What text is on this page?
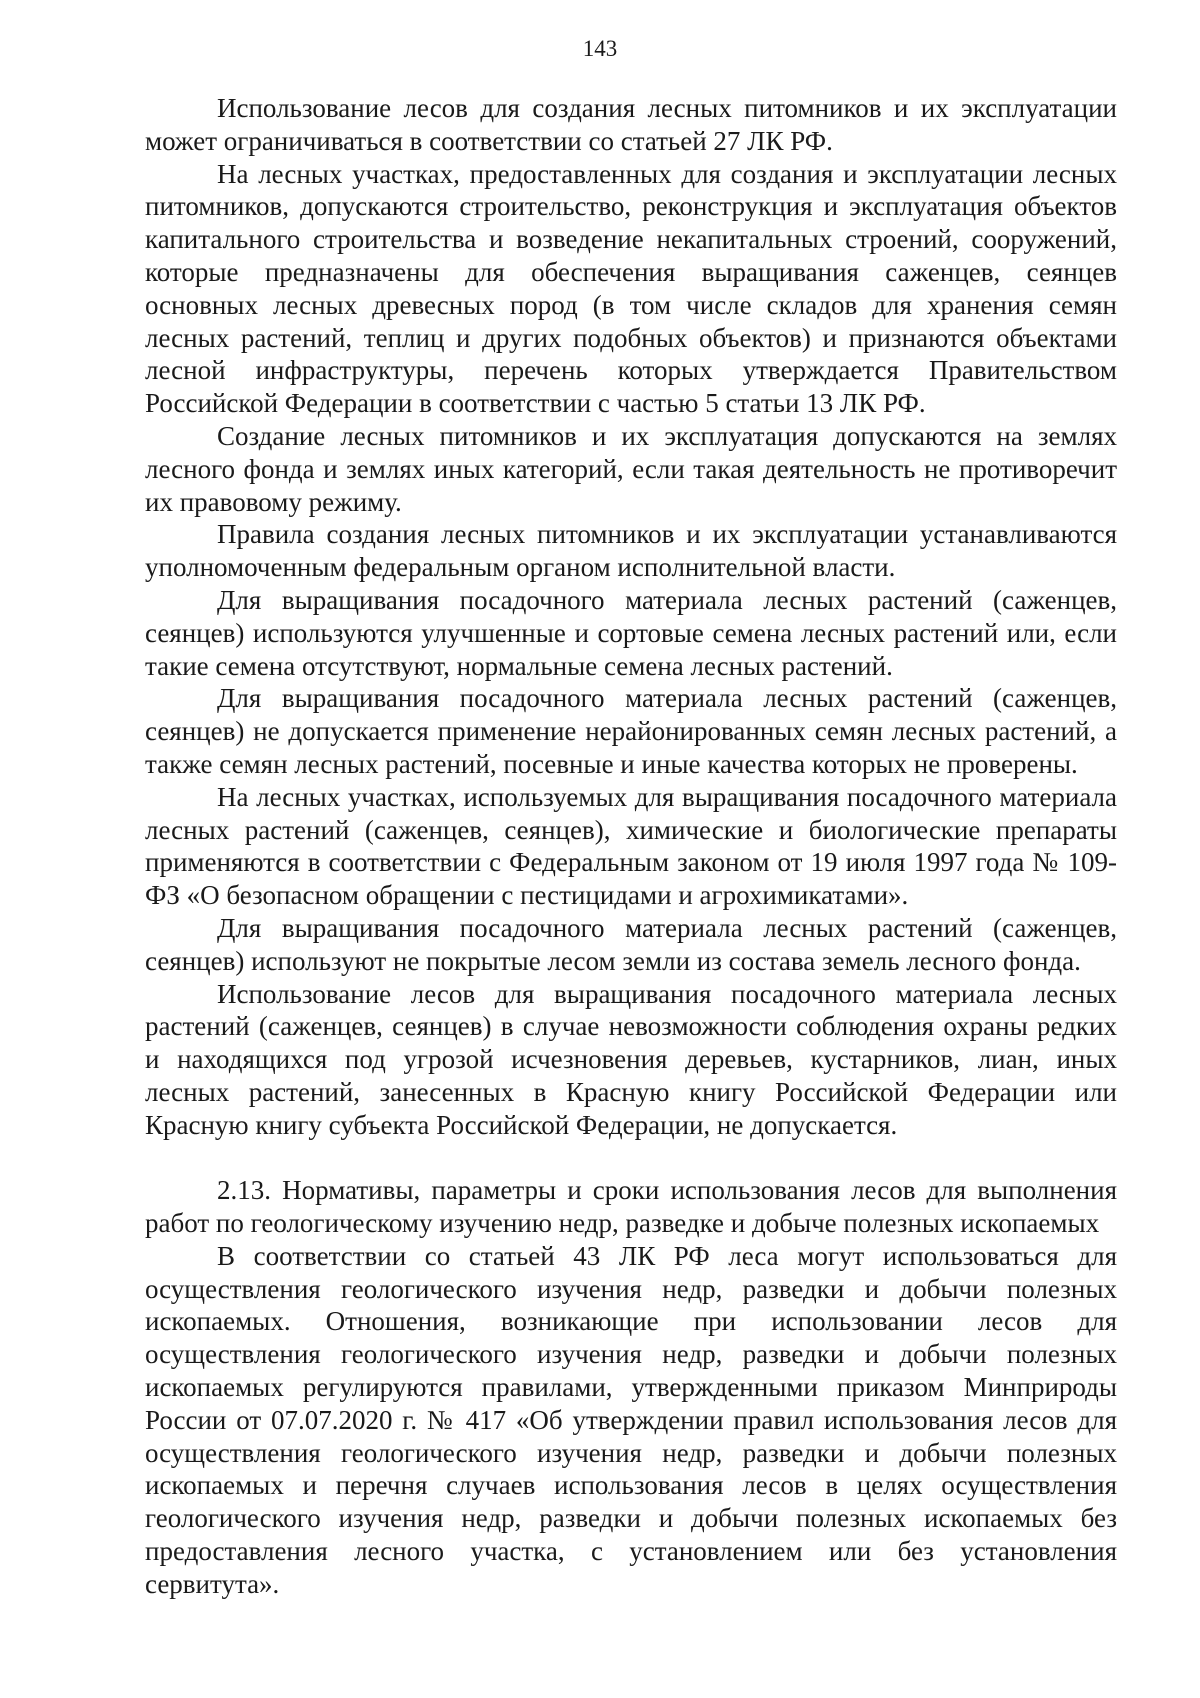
143

Использование лесов для создания лесных питомников и их эксплуатации может ограничиваться в соответствии со статьей 27 ЛК РФ.

На лесных участках, предоставленных для создания и эксплуатации лесных питомников, допускаются строительство, реконструкция и эксплуатация объектов капитального строительства и возведение некапитальных строений, сооружений, которые предназначены для обеспечения выращивания саженцев, сеянцев основных лесных древесных пород (в том числе складов для хранения семян лесных растений, теплиц и других подобных объектов) и признаются объектами лесной инфраструктуры, перечень которых утверждается Правительством Российской Федерации в соответствии с частью 5 статьи 13 ЛК РФ.

Создание лесных питомников и их эксплуатация допускаются на землях лесного фонда и землях иных категорий, если такая деятельность не противоречит их правовому режиму.

Правила создания лесных питомников и их эксплуатации устанавливаются уполномоченным федеральным органом исполнительной власти.

Для выращивания посадочного материала лесных растений (саженцев, сеянцев) используются улучшенные и сортовые семена лесных растений или, если такие семена отсутствуют, нормальные семена лесных растений.

Для выращивания посадочного материала лесных растений (саженцев, сеянцев) не допускается применение нерайонированных семян лесных растений, а также семян лесных растений, посевные и иные качества которых не проверены.

На лесных участках, используемых для выращивания посадочного материала лесных растений (саженцев, сеянцев), химические и биологические препараты применяются в соответствии с Федеральным законом от 19 июля 1997 года № 109-ФЗ «О безопасном обращении с пестицидами и агрохимикатами».

Для выращивания посадочного материала лесных растений (саженцев, сеянцев) используют не покрытые лесом земли из состава земель лесного фонда.

Использование лесов для выращивания посадочного материала лесных растений (саженцев, сеянцев) в случае невозможности соблюдения охраны редких и находящихся под угрозой исчезновения деревьев, кустарников, лиан, иных лесных растений, занесенных в Красную книгу Российской Федерации или Красную книгу субъекта Российской Федерации, не допускается.

2.13. Нормативы, параметры и сроки использования лесов для выполнения работ по геологическому изучению недр, разведке и добыче полезных ископаемых

В соответствии со статьей 43 ЛК РФ леса могут использоваться для осуществления геологического изучения недр, разведки и добычи полезных ископаемых. Отношения, возникающие при использовании лесов для осуществления геологического изучения недр, разведки и добычи полезных ископаемых регулируются правилами, утвержденными приказом Минприроды России от 07.07.2020 г. № 417 «Об утверждении правил использования лесов для осуществления геологического изучения недр, разведки и добычи полезных ископаемых и перечня случаев использования лесов в целях осуществления геологического изучения недр, разведки и добычи полезных ископаемых без предоставления лесного участка, с установлением или без установления сервитута».
